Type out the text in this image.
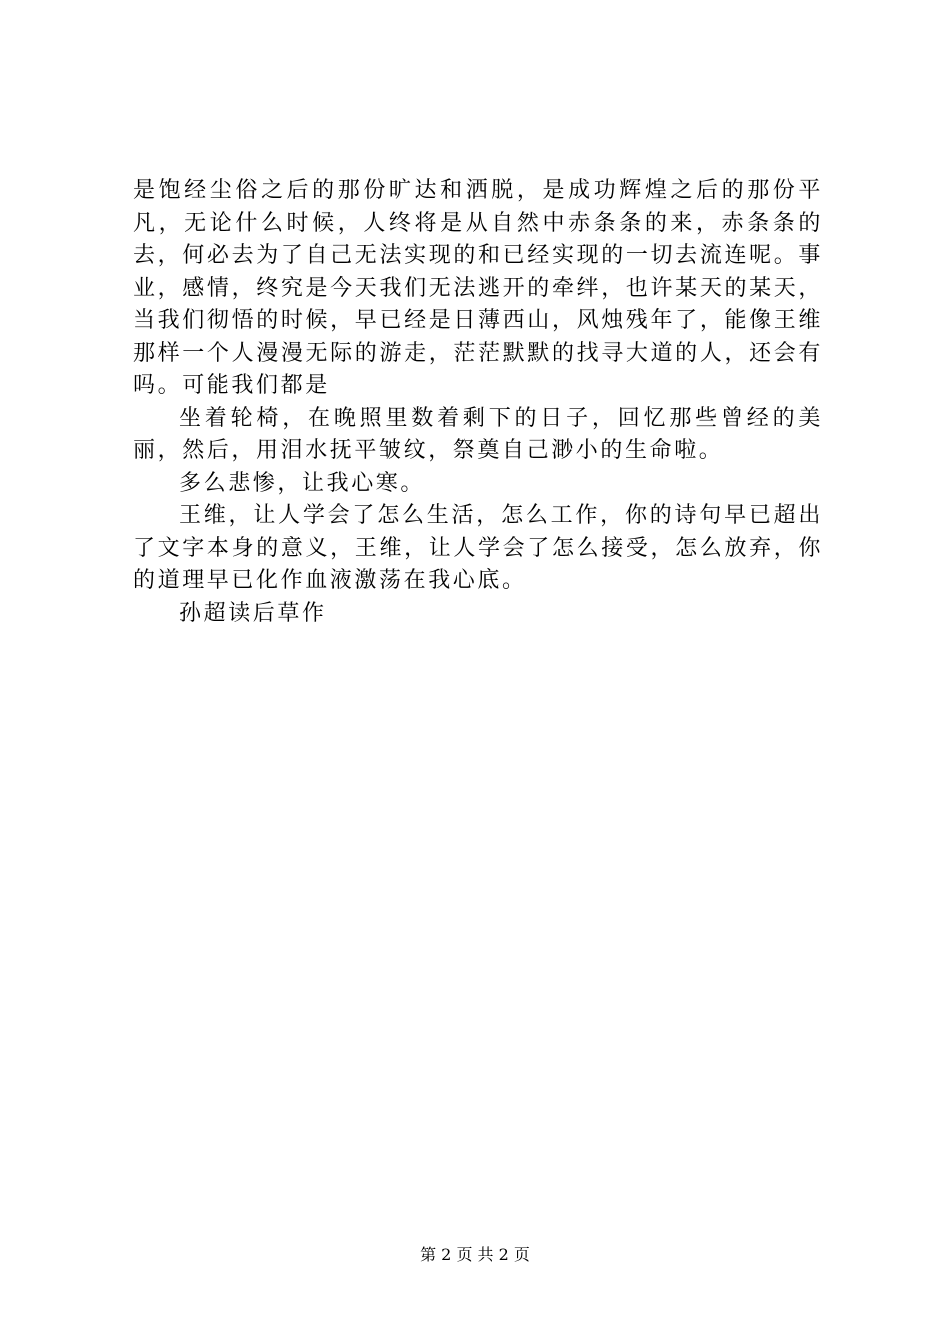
是饱经尘俗之后的那份旷达和洒脱，是成功辉煌之后的那份平凡，无论什么时候，人终将是从自然中赤条条的来，赤条条的去，何必去为了自己无法实现的和已经实现的一切去流连呢。事业，感情，终究是今天我们无法逃开的牵绊，也许某天的某天，当我们彻悟的时候，早已经是日薄西山，风烛残年了，能像王维那样一个人漫漫无际的游走，茫茫默默的找寻大道的人，还会有吗。可能我们都是

坐着轮椅，在晚照里数着剩下的日子，回忆那些曾经的美丽，然后，用泪水抚平皱纹，祭奠自己渺小的生命啦。

多么悲惨，让我心寒。

王维，让人学会了怎么生活，怎么工作，你的诗句早已超出了文字本身的意义，王维，让人学会了怎么接受，怎么放弃，你的道理早已化作血液激荡在我心底。

孙超读后草作

第 2 页 共 2 页
